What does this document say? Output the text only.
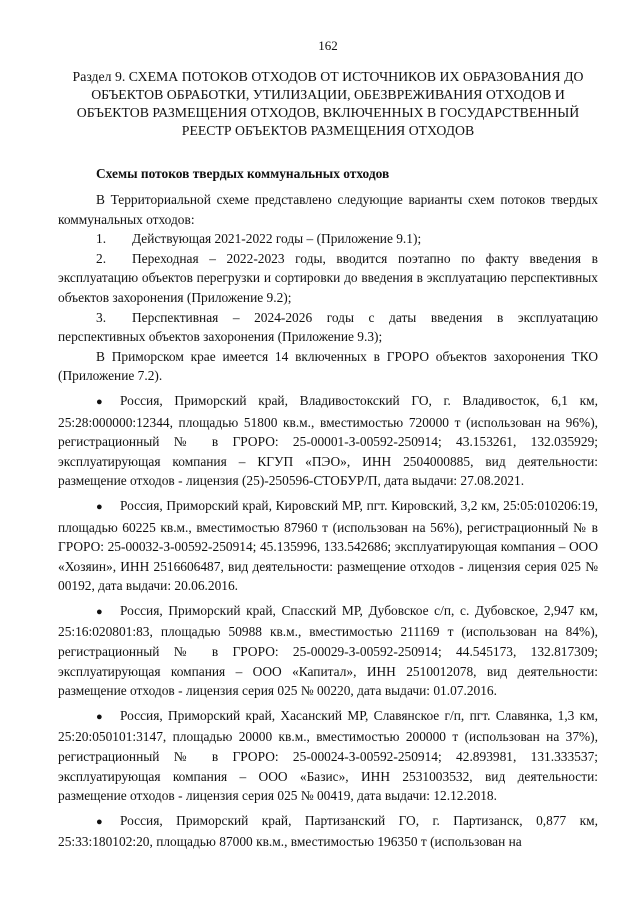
162
Раздел 9. СХЕМА ПОТОКОВ ОТХОДОВ ОТ ИСТОЧНИКОВ ИХ ОБРАЗОВАНИЯ ДО ОБЪЕКТОВ ОБРАБОТКИ, УТИЛИЗАЦИИ, ОБЕЗВРЕЖИВАНИЯ ОТХОДОВ И ОБЪЕКТОВ РАЗМЕЩЕНИЯ ОТХОДОВ, ВКЛЮЧЕННЫХ В ГОСУДАРСТВЕННЫЙ РЕЕСТР ОБЪЕКТОВ РАЗМЕЩЕНИЯ ОТХОДОВ
Схемы потоков твердых коммунальных отходов

В Территориальной схеме представлено следующие варианты схем потоков твердых коммунальных отходов:

1. Действующая 2021-2022 годы – (Приложение 9.1);

2. Переходная – 2022-2023 годы, вводится поэтапно по факту введения в эксплуатацию объектов перегрузки и сортировки до введения в эксплуатацию перспективных объектов захоронения (Приложение 9.2);

3. Перспективная – 2024-2026 годы с даты введения в эксплуатацию перспективных объектов захоронения (Приложение 9.3);

В Приморском крае имеется 14 включенных в ГРОРО объектов захоронения ТКО (Приложение 7.2).

● Россия, Приморский край, Владивостокский ГО, г. Владивосток, 6,1 км, 25:28:000000:12344, площадью 51800 кв.м., вместимостью 720000 т (использован на 96%), регистрационный № в ГРОРО: 25-00001-З-00592-250914; 43.153261, 132.035929; эксплуатирующая компания – КГУП «ПЭО», ИНН 2504000885, вид деятельности: размещение отходов - лицензия (25)-250596-СТОБУР/П, дата выдачи: 27.08.2021.

● Россия, Приморский край, Кировский МР, пгт. Кировский, 3,2 км, 25:05:010206:19, площадью 60225 кв.м., вместимостью 87960 т (использован на 56%), регистрационный № в ГРОРО: 25-00032-З-00592-250914; 45.135996, 133.542686; эксплуатирующая компания – ООО «Хозяин», ИНН 2516606487, вид деятельности: размещение отходов - лицензия серия 025 № 00192, дата выдачи: 20.06.2016.

● Россия, Приморский край, Спасский МР, Дубовское с/п, с. Дубовское, 2,947 км, 25:16:020801:83, площадью 50988 кв.м., вместимостью 211169 т (использован на 84%), регистрационный № в ГРОРО: 25-00029-З-00592-250914; 44.545173, 132.817309; эксплуатирующая компания – ООО «Капитал», ИНН 2510012078, вид деятельности: размещение отходов - лицензия серия 025 № 00220, дата выдачи: 01.07.2016.

● Россия, Приморский край, Хасанский МР, Славянское г/п, пгт. Славянка, 1,3 км, 25:20:050101:3147, площадью 20000 кв.м., вместимостью 200000 т (использован на 37%), регистрационный № в ГРОРО: 25-00024-З-00592-250914; 42.893981, 131.333537; эксплуатирующая компания – ООО «Базис», ИНН 2531003532, вид деятельности: размещение отходов - лицензия серия 025 № 00419, дата выдачи: 12.12.2018.

● Россия, Приморский край, Партизанский ГО, г. Партизанск, 0,877 км, 25:33:180102:20, площадью 87000 кв.м., вместимостью 196350 т (использован на
